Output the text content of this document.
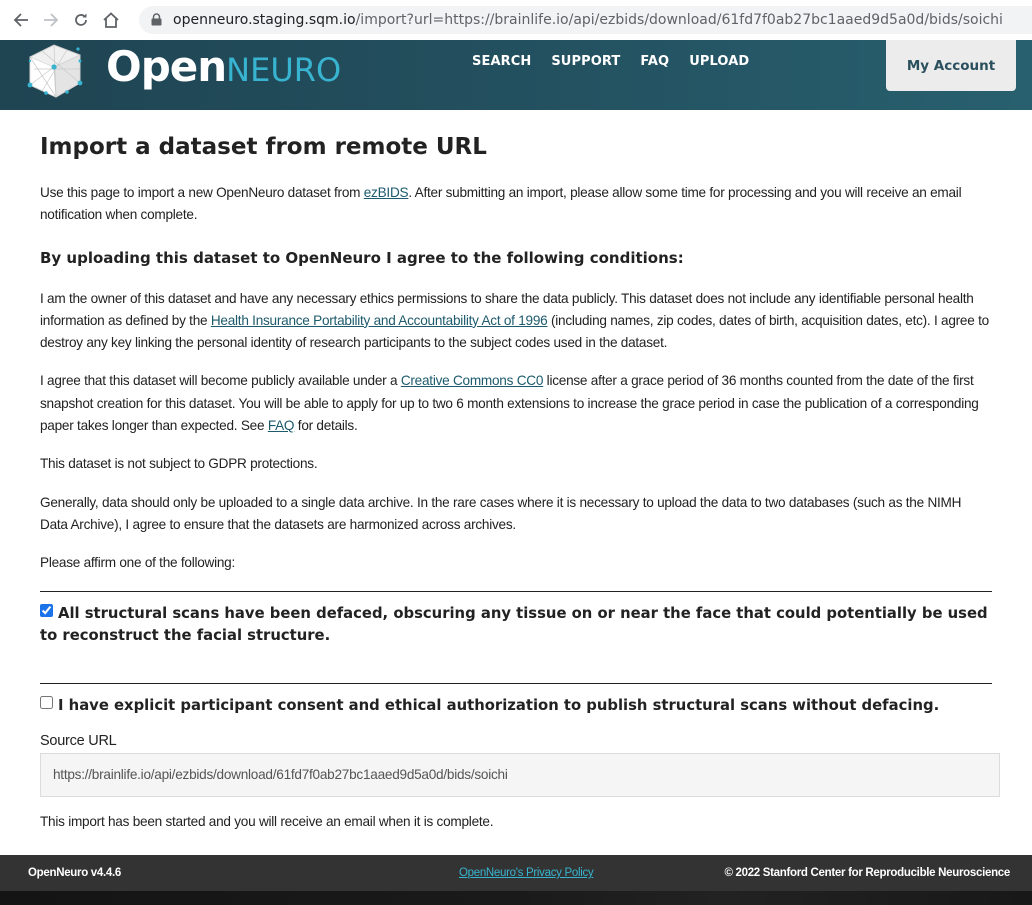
openneuro.staging.sqm.io /import?url=https://brainlife.io/api/ezbids/download/61fd7f0ab27bc1aaed9d5a0d/bids/soichi
OpenNEURO	SEARCH SUPPORT FAQ UPLOAD	My Account
Import a dataset from remote URL

Use this page to import a new OpenNeuro dataset from ezBIDS. After submitting an import, please allow some time for processing and you will receive an email notification when complete.

By uploading this dataset to OpenNeuro I agree to the following conditions:

I am the owner of this dataset and have any necessary ethics permissions to share the data publicly. This dataset does not include any identifiable personal health information as defined by the Health Insurance Portability and Accountability Act of 1996 (including names, zip codes, dates of birth, acquisition dates, etc). I agree to destroy any key linking the personal identity of research participants to the subject codes used in the dataset.

I agree that this dataset will become publicly available under a Creative Commons CC0 license after a grace period of 36 months counted from the date of the first snapshot creation for this dataset. You will be able to apply for up to two 6 month extensions to increase the grace period in case the publication of a corresponding paper takes longer than expected. See FAQ for details.

This dataset is not subject to GDPR protections.

Generally, data should only be uploaded to a single data archive. In the rare cases where it is necessary to upload the data to two databases (such as the NIMH Data Archive), I agree to ensure that the datasets are harmonized across archives.

Please affirm one of the following:

All structural scans have been defaced, obscuring any tissue on or near the face that could potentially be used to reconstruct the facial structure.
I have explicit participant consent and ethical authorization to publish structural scans without defacing.

Source URL

https://brainlife.io/api/ezbids/download/61fd7f0ab27bc1aaed9d5a0d/bids/soichi

This import has been started and you will receive an email when it is complete.

OpenNeuro v4.4.6	OpenNeuro's Privacy Policy	© 2022 Stanford Center for Reproducible Neuroscience
